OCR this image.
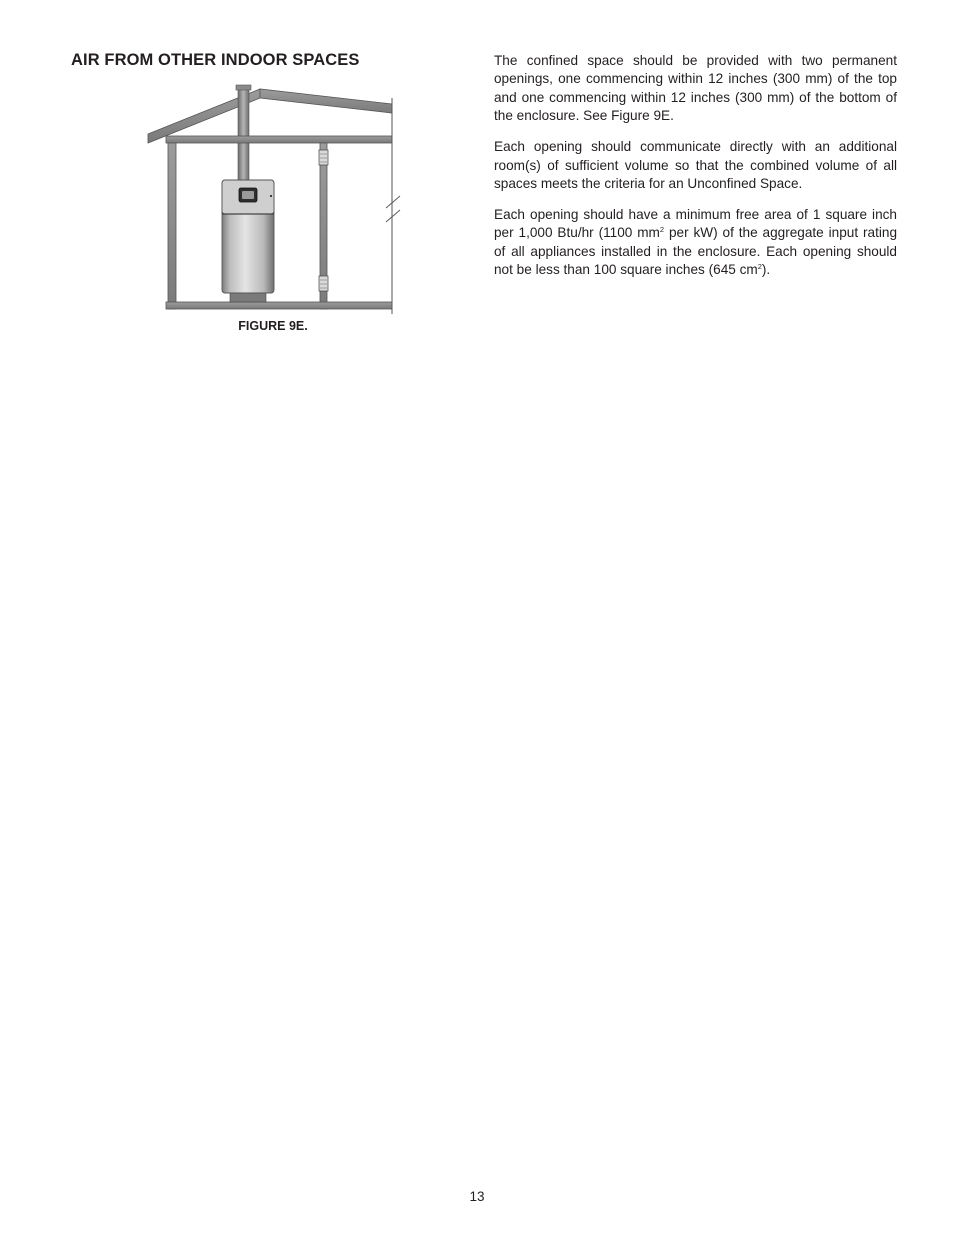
AIR FROM OTHER INDOOR SPACES
FIGURE 9E.

The confined space should be provided with two permanent openings, one commencing within 12 inches (300 mm) of the top and one commencing within 12 inches (300 mm) of the bottom of the enclosure. See Figure 9E.

Each opening should communicate directly with an additional room(s) of sufficient volume so that the combined volume of all spaces meets the criteria for an Unconfined Space.

Each opening should have a minimum free area of 1 square inch per 1,000 Btu/hr (1100 $mm^2$ per kW) of the aggregate input rating of all appliances installed in the enclosure. Each opening should not be less than 100 square inches (645 $cm^2$).

13
